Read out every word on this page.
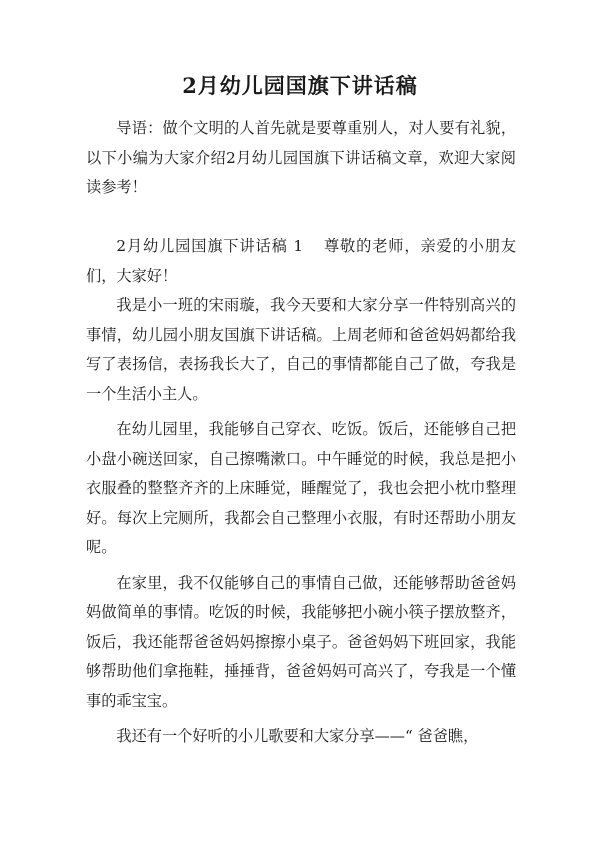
2月幼儿园国旗下讲话稿

导语：做个文明的人首先就是要尊重别人，对人要有礼貌，以下小编为大家介绍2月幼儿园国旗下讲话稿文章，欢迎大家阅读参考！

2月幼儿园国旗下讲话稿 1 尊敬的老师，亲爱的小朋友们，大家好！

我是小一班的宋雨璇，我今天要和大家分享一件特别高兴的事情，幼儿园小朋友国旗下讲话稿。上周老师和爸爸妈妈都给我写了表扬信，表扬我长大了，自己的事情都能自己了做，夸我是一个生活小主人。

在幼儿园里，我能够自己穿衣、吃饭。饭后，还能够自己把小盘小碗送回家，自己擦嘴漱口。中午睡觉的时候，我总是把小衣服叠的整整齐齐的上床睡觉，睡醒觉了，我也会把小枕巾整理好。每次上完厕所，我都会自己整理小衣服，有时还帮助小朋友呢。

在家里，我不仅能够自己的事情自己做，还能够帮助爸爸妈妈做简单的事情。吃饭的时候，我能够把小碗小筷子摆放整齐，饭后，我还能帮爸爸妈妈擦擦小桌子。爸爸妈妈下班回家，我能够帮助他们拿拖鞋，捶捶背，爸爸妈妈可高兴了，夸我是一个懂事的乖宝宝。

我还有一个好听的小儿歌要和大家分享——“ 爸爸瞧，
